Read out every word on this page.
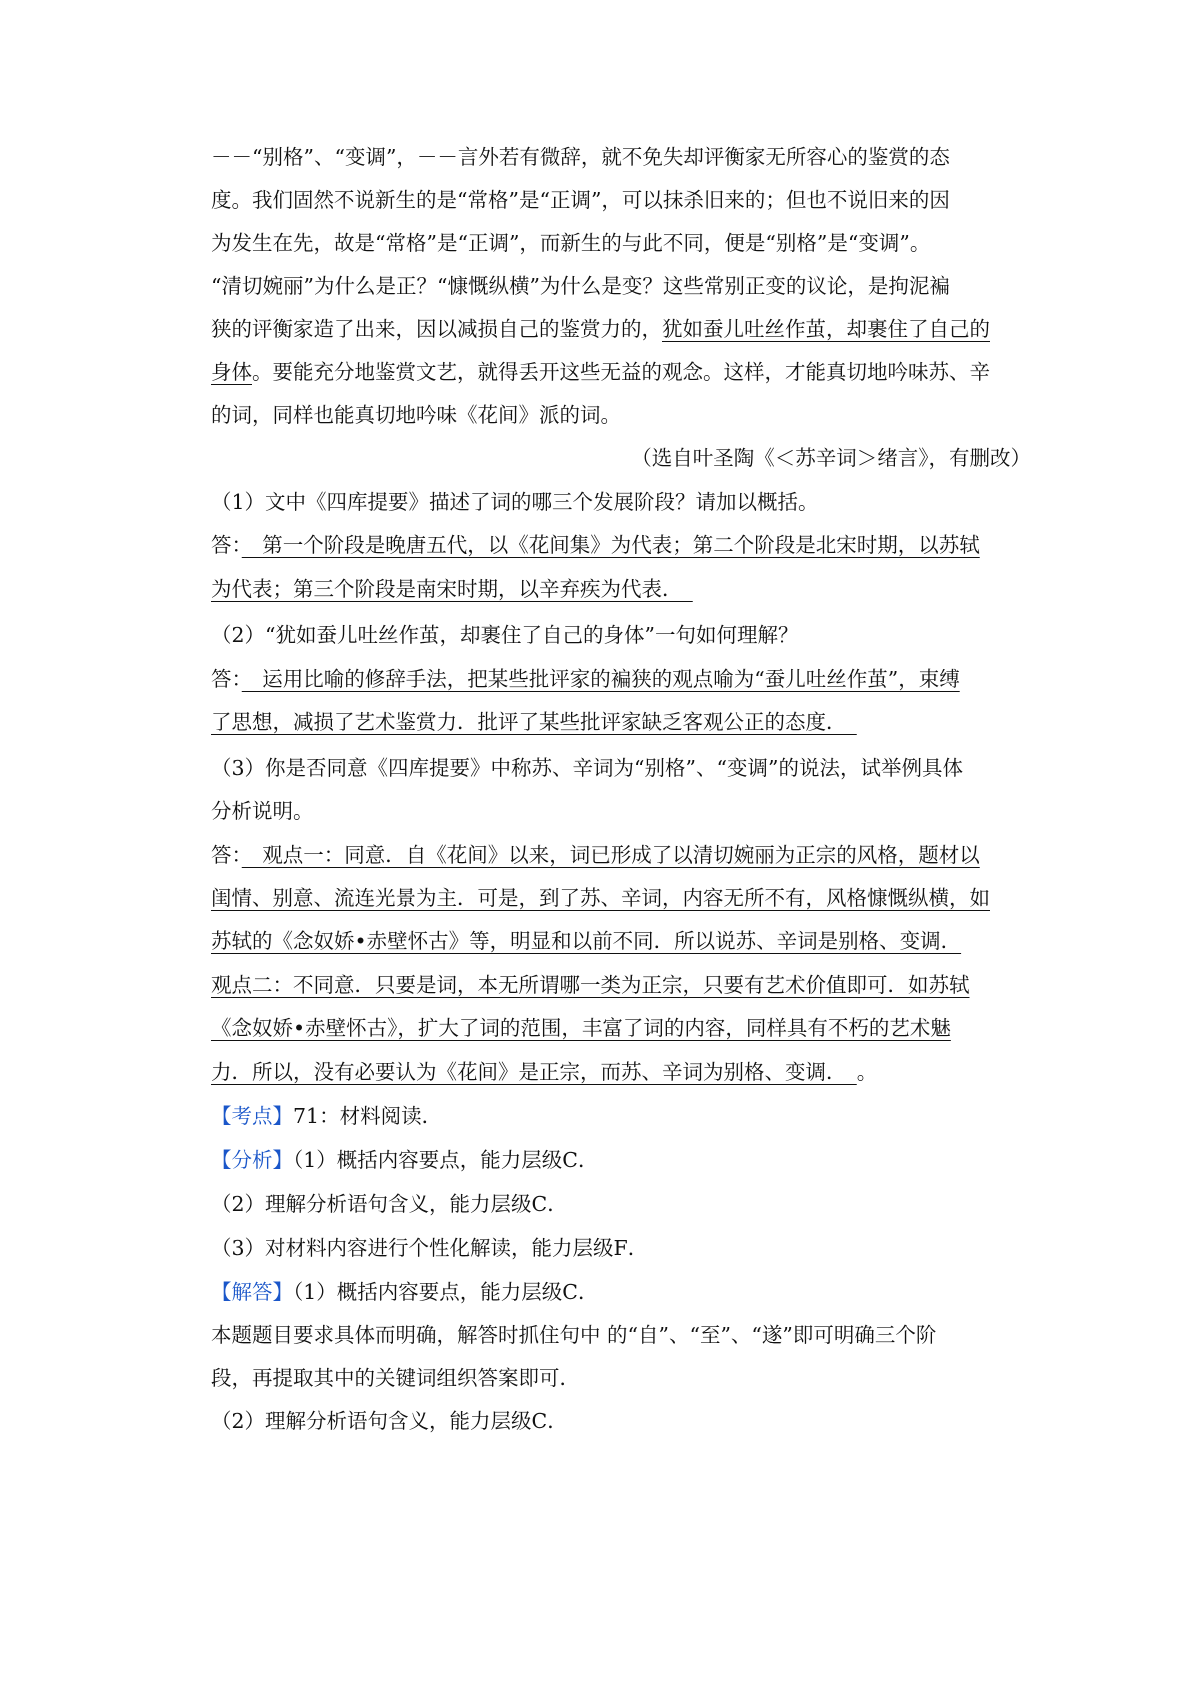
－－“别格”、“变调”，－－言外若有微辞，就不免失却评衡家无所容心的鉴赏的态
度。我们固然不说新生的是“常格”是“正调”，可以抹杀旧来的；但也不说旧来的因
为发生在先，故是“常格”是“正调”，而新生的与此不同，便是“别格”是“变调”。
“清切婉丽”为什么是正？“慷慨纵横”为什么是变？这些常别正变的议论，是拘泥褊
狭的评衡家造了出来，因以减损自己的鉴赏力的，犹如蚕儿吐丝作茧，却裹住了自己的
身体。要能充分地鉴赏文艺，就得丢开这些无益的观念。这样，才能真切地吟味苏、辛
的词，同样也能真切地吟味《花间》派的词。
（选自叶圣陶《＜苏辛词＞绪言》，有删改）
（1）文中《四库提要》描述了词的哪三个发展阶段？请加以概括。
答：　第一个阶段是晚唐五代，以《花间集》为代表；第二个阶段是北宋时期，以苏轼
为代表；第三个阶段是南宋时期，以辛弃疾为代表．　
（2）“犹如蚕儿吐丝作茧，却裹住了自己的身体”一句如何理解？
答：　运用比喻的修辞手法，把某些批评家的褊狭的观点喻为“蚕儿吐丝作茧”，束缚
了思想，减损了艺术鉴赏力．批评了某些批评家缺乏客观公正的态度．　
（3）你是否同意《四库提要》中称苏、辛词为“别格”、“变调”的说法，试举例具体
分析说明。
答：　观点一：同意．自《花间》以来，词已形成了以清切婉丽为正宗的风格，题材以
闺情、别意、流连光景为主．可是，到了苏、辛词，内容无所不有，风格慷慨纵横，如
苏轼的《念奴娇•赤壁怀古》等，明显和以前不同．所以说苏、辛词是别格、变调．
观点二：不同意．只要是词，本无所谓哪一类为正宗，只要有艺术价值即可．如苏轼
《念奴娇•赤壁怀古》，扩大了词的范围，丰富了词的内容，同样具有不朽的艺术魅
力．所以，没有必要认为《花间》是正宗，而苏、辛词为别格、变调．　。
【考点】71：材料阅读．
【分析】（1）概括内容要点，能力层级C．
（2）理解分析语句含义，能力层级C．
（3）对材料内容进行个性化解读，能力层级F．
【解答】（1）概括内容要点，能力层级C．
本题题目要求具体而明确，解答时抓住句中 的“自”、“至”、“遂”即可明确三个阶
段，再提取其中的关键词组织答案即可．
（2）理解分析语句含义，能力层级C．
